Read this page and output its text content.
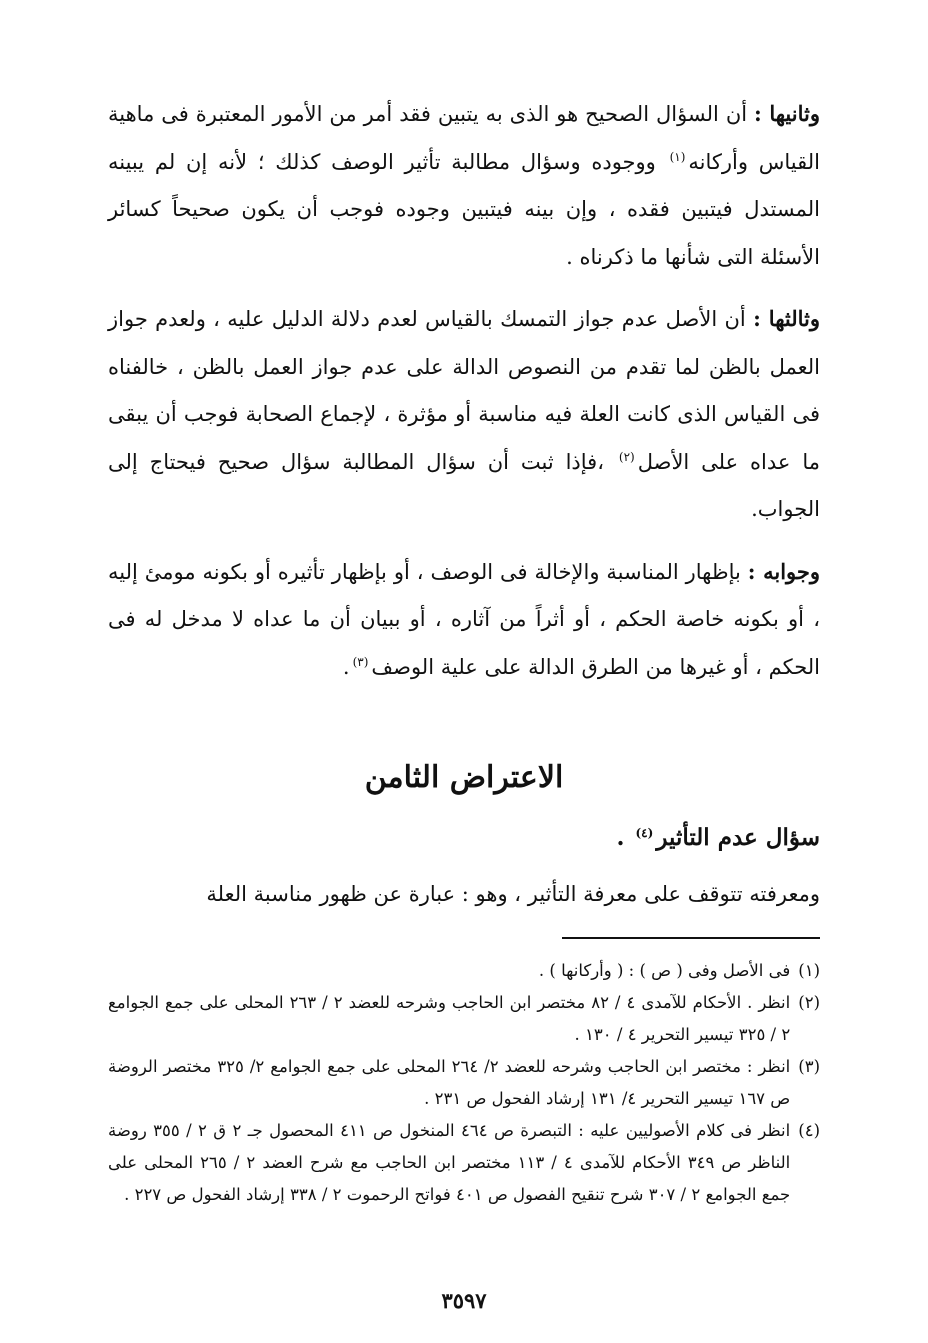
وثانيها : أن السؤال الصحيح هو الذى به يتبين فقد أمر من الأمور المعتبرة فى ماهية القياس وأركانه$^{(١)}$ ووجوده وسؤال مطالبة تأثير الوصف كذلك ؛ لأنه إن لم يبينه المستدل فيتبين فقده ، وإن بينه فيتبين وجوده فوجب أن يكون صحيحاً كسائر الأسئلة التى شأنها ما ذكرناه .

وثالثها : أن الأصل عدم جواز التمسك بالقياس لعدم دلالة الدليل عليه ، ولعدم جواز العمل بالظن لما تقدم من النصوص الدالة على عدم جواز العمل بالظن ، خالفناه فى القياس الذى كانت العلة فيه مناسبة أو مؤثرة ، لإجماع الصحابة فوجب أن يبقى ما عداه على الأصل$^{(٢)}$ ،فإذا ثبت أن سؤال المطالبة سؤال صحيح فيحتاج إلى الجواب.

وجوابه : بإظهار المناسبة والإخالة فى الوصف ، أو بإظهار تأثيره أو بكونه مومئ إليه ، أو بكونه خاصة الحكم ، أو أثراً من آثاره ، أو ببيان أن ما عداه لا مدخل له فى الحكم ، أو غيرها من الطرق الدالة على علية الوصف$^{(٣)}$.

الاعتراض الثامن
سؤال عدم التأثير$^{(٤)}$ .

ومعرفته تتوقف على معرفة التأثير ، وهو : عبارة عن ظهور مناسبة العلة

(١)
فى الأصل وفى ( ص ) : ( وأركانها ) .
(٢)
انظر . الأحكام للآمدى ٤ / ٨٢ مختصر ابن الحاجب وشرحه للعضد ٢ / ٢٦٣ المحلى على جمع الجوامع ٢ / ٣٢٥ تيسير التحرير ٤ / ١٣٠ .
(٣)
انظر : مختصر ابن الحاجب وشرحه للعضد ٢/ ٢٦٤ المحلى على جمع الجوامع ٢/ ٣٢٥ مختصر الروضة ص ١٦٧ تيسير التحرير ٤/ ١٣١ إرشاد الفحول ص ٢٣١ .
(٤)
انظر فى كلام الأصوليين عليه : التبصرة ص ٤٦٤ المنخول ص ٤١١ المحصول جـ ٢ ق ٢ / ٣٥٥ روضة الناظر ص ٣٤٩ الأحكام للآمدى ٤ / ١١٣ مختصر ابن الحاجب مع شرح العضد ٢ / ٢٦٥ المحلى على جمع الجوامع ٢ / ٣٠٧ شرح تنقيح الفصول ص ٤٠١ فواتح الرحموت ٢ / ٣٣٨ إرشاد الفحول ص ٢٢٧ .
٣٥٩٧
